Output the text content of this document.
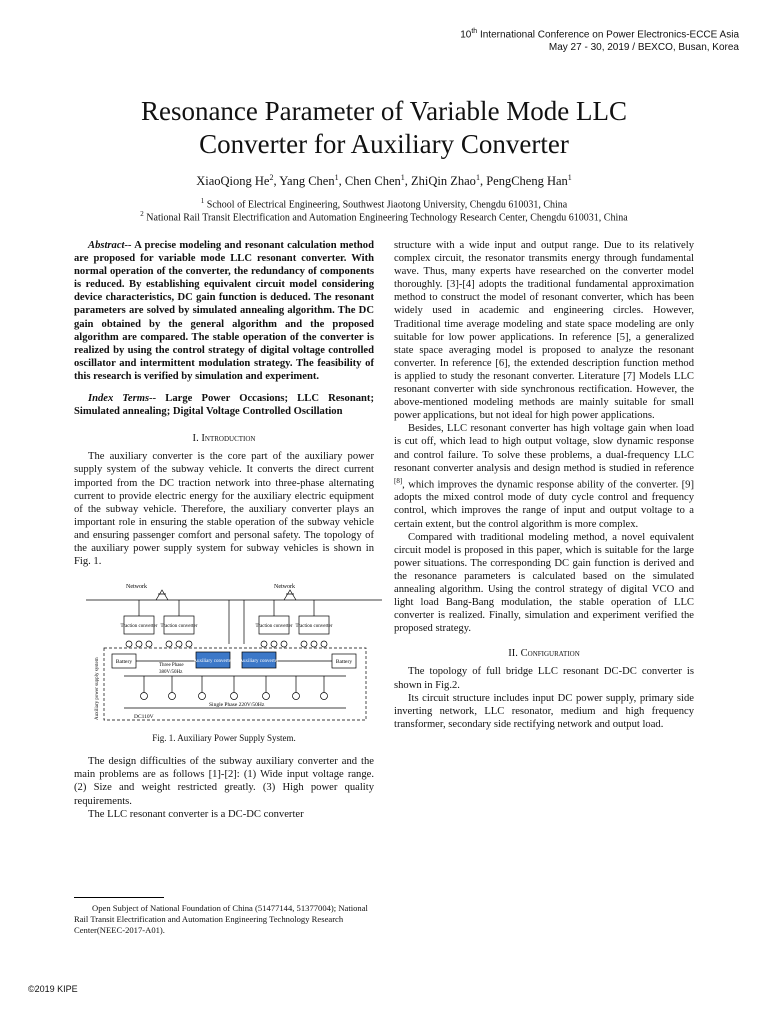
10th International Conference on Power Electronics-ECCE Asia
May 27 - 30, 2019 / BEXCO, Busan, Korea
Resonance Parameter of Variable Mode LLC
Converter for Auxiliary Converter
XiaoQiong He$^2$, Yang Chen$^1$, Chen Chen$^1$, ZhiQin Zhao$^1$, PengCheng Han$^1$
$^1$ School of Electrical Engineering, Southwest Jiaotong University, Chengdu 610031, China
$^2$ National Rail Transit Electrification and Automation Engineering Technology Research Center, Chengdu 610031, China

Abstract-- A precise modeling and resonant calculation method are proposed for variable mode LLC resonant converter. With normal operation of the converter, the redundancy of components is reduced. By establishing equivalent circuit model considering device characteristics, DC gain function is deduced. The resonant parameters are solved by simulated annealing algorithm. The DC gain obtained by the general algorithm and the proposed algorithm are compared. The stable operation of the converter is realized by using the control strategy of digital voltage controlled oscillator and intermittent modulation strategy. The feasibility of this research is verified by simulation and experiment.

Index Terms-- Large Power Occasions; LLC Resonant; Simulated annealing; Digital Voltage Controlled Oscillation

I. Introduction

The auxiliary converter is the core part of the auxiliary power supply system of the subway vehicle. It converts the direct current imported from the DC traction network into three-phase alternating current to provide electric energy for the auxiliary electric equipment of the subway vehicle. Therefore, the auxiliary converter plays an important role in ensuring the stable operation of the subway vehicle and ensuring passenger comfort and personal safety. The topology of the auxiliary power supply system for subway vehicles is shown in Fig. 1.

Network	Network
Traction converter Traction converter	Traction converter Traction converter
Battery	Battery
Auxiliary converter Auxiliary converter
Three Phase
380V/50Hz
Single Phase 220V/50Hz
DC110V
Auxiliary power supply system
Fig. 1. Auxiliary Power Supply System.

The design difficulties of the subway auxiliary converter and the main problems are as follows [1]-[2]: (1) Wide input voltage range. (2) Size and weight restricted greatly. (3) High power quality requirements.

The LLC resonant converter is a DC-DC converter

Open Subject of National Foundation of China (51477144, 51377004); National Rail Transit Electrification and Automation Engineering Technology Research Center(NEEC-2017-A01).

structure with a wide input and output range. Due to its relatively complex circuit, the resonator transmits energy through fundamental wave. Thus, many experts have researched on the converter model thoroughly. [3]-[4] adopts the traditional fundamental approximation method to construct the model of resonant converter, which has been widely used in academic and engineering circles. However, Traditional time average modeling and state space modeling are only suitable for low power applications. In reference [5], a generalized state space averaging model is proposed to analyze the resonant converter. In reference [6], the extended description function method is applied to study the resonant converter. Literature [7] Models LLC resonant converter with side synchronous rectification. However, the above-mentioned modeling methods are mainly suitable for small power applications, but not ideal for high power applications.

Besides, LLC resonant converter has high voltage gain when load is cut off, which lead to high output voltage, slow dynamic response and control failure. To solve these problems, a dual-frequency LLC resonant converter analysis and design method is studied in reference [8], which improves the dynamic response ability of the converter. [9] adopts the mixed control mode of duty cycle control and frequency control, which improves the range of input and output voltage to a certain extent, but the control algorithm is more complex.

Compared with traditional modeling method, a novel equivalent circuit model is proposed in this paper, which is suitable for the large power situations. The corresponding DC gain function is derived and the resonance parameters is calculated based on the simulated annealing algorithm. Using the control strategy of digital VCO and light load Bang-Bang modulation, the stable operation of LLC converter is realized. Finally, simulation and experiment verified the proposed strategy.

II. Configuration

The topology of full bridge LLC resonant DC-DC converter is shown in Fig.2.

Its circuit structure includes input DC power supply, primary side inverting network, LLC resonator, medium and high frequency transformer, secondary side rectifying network and output load.

©2019 KIPE
